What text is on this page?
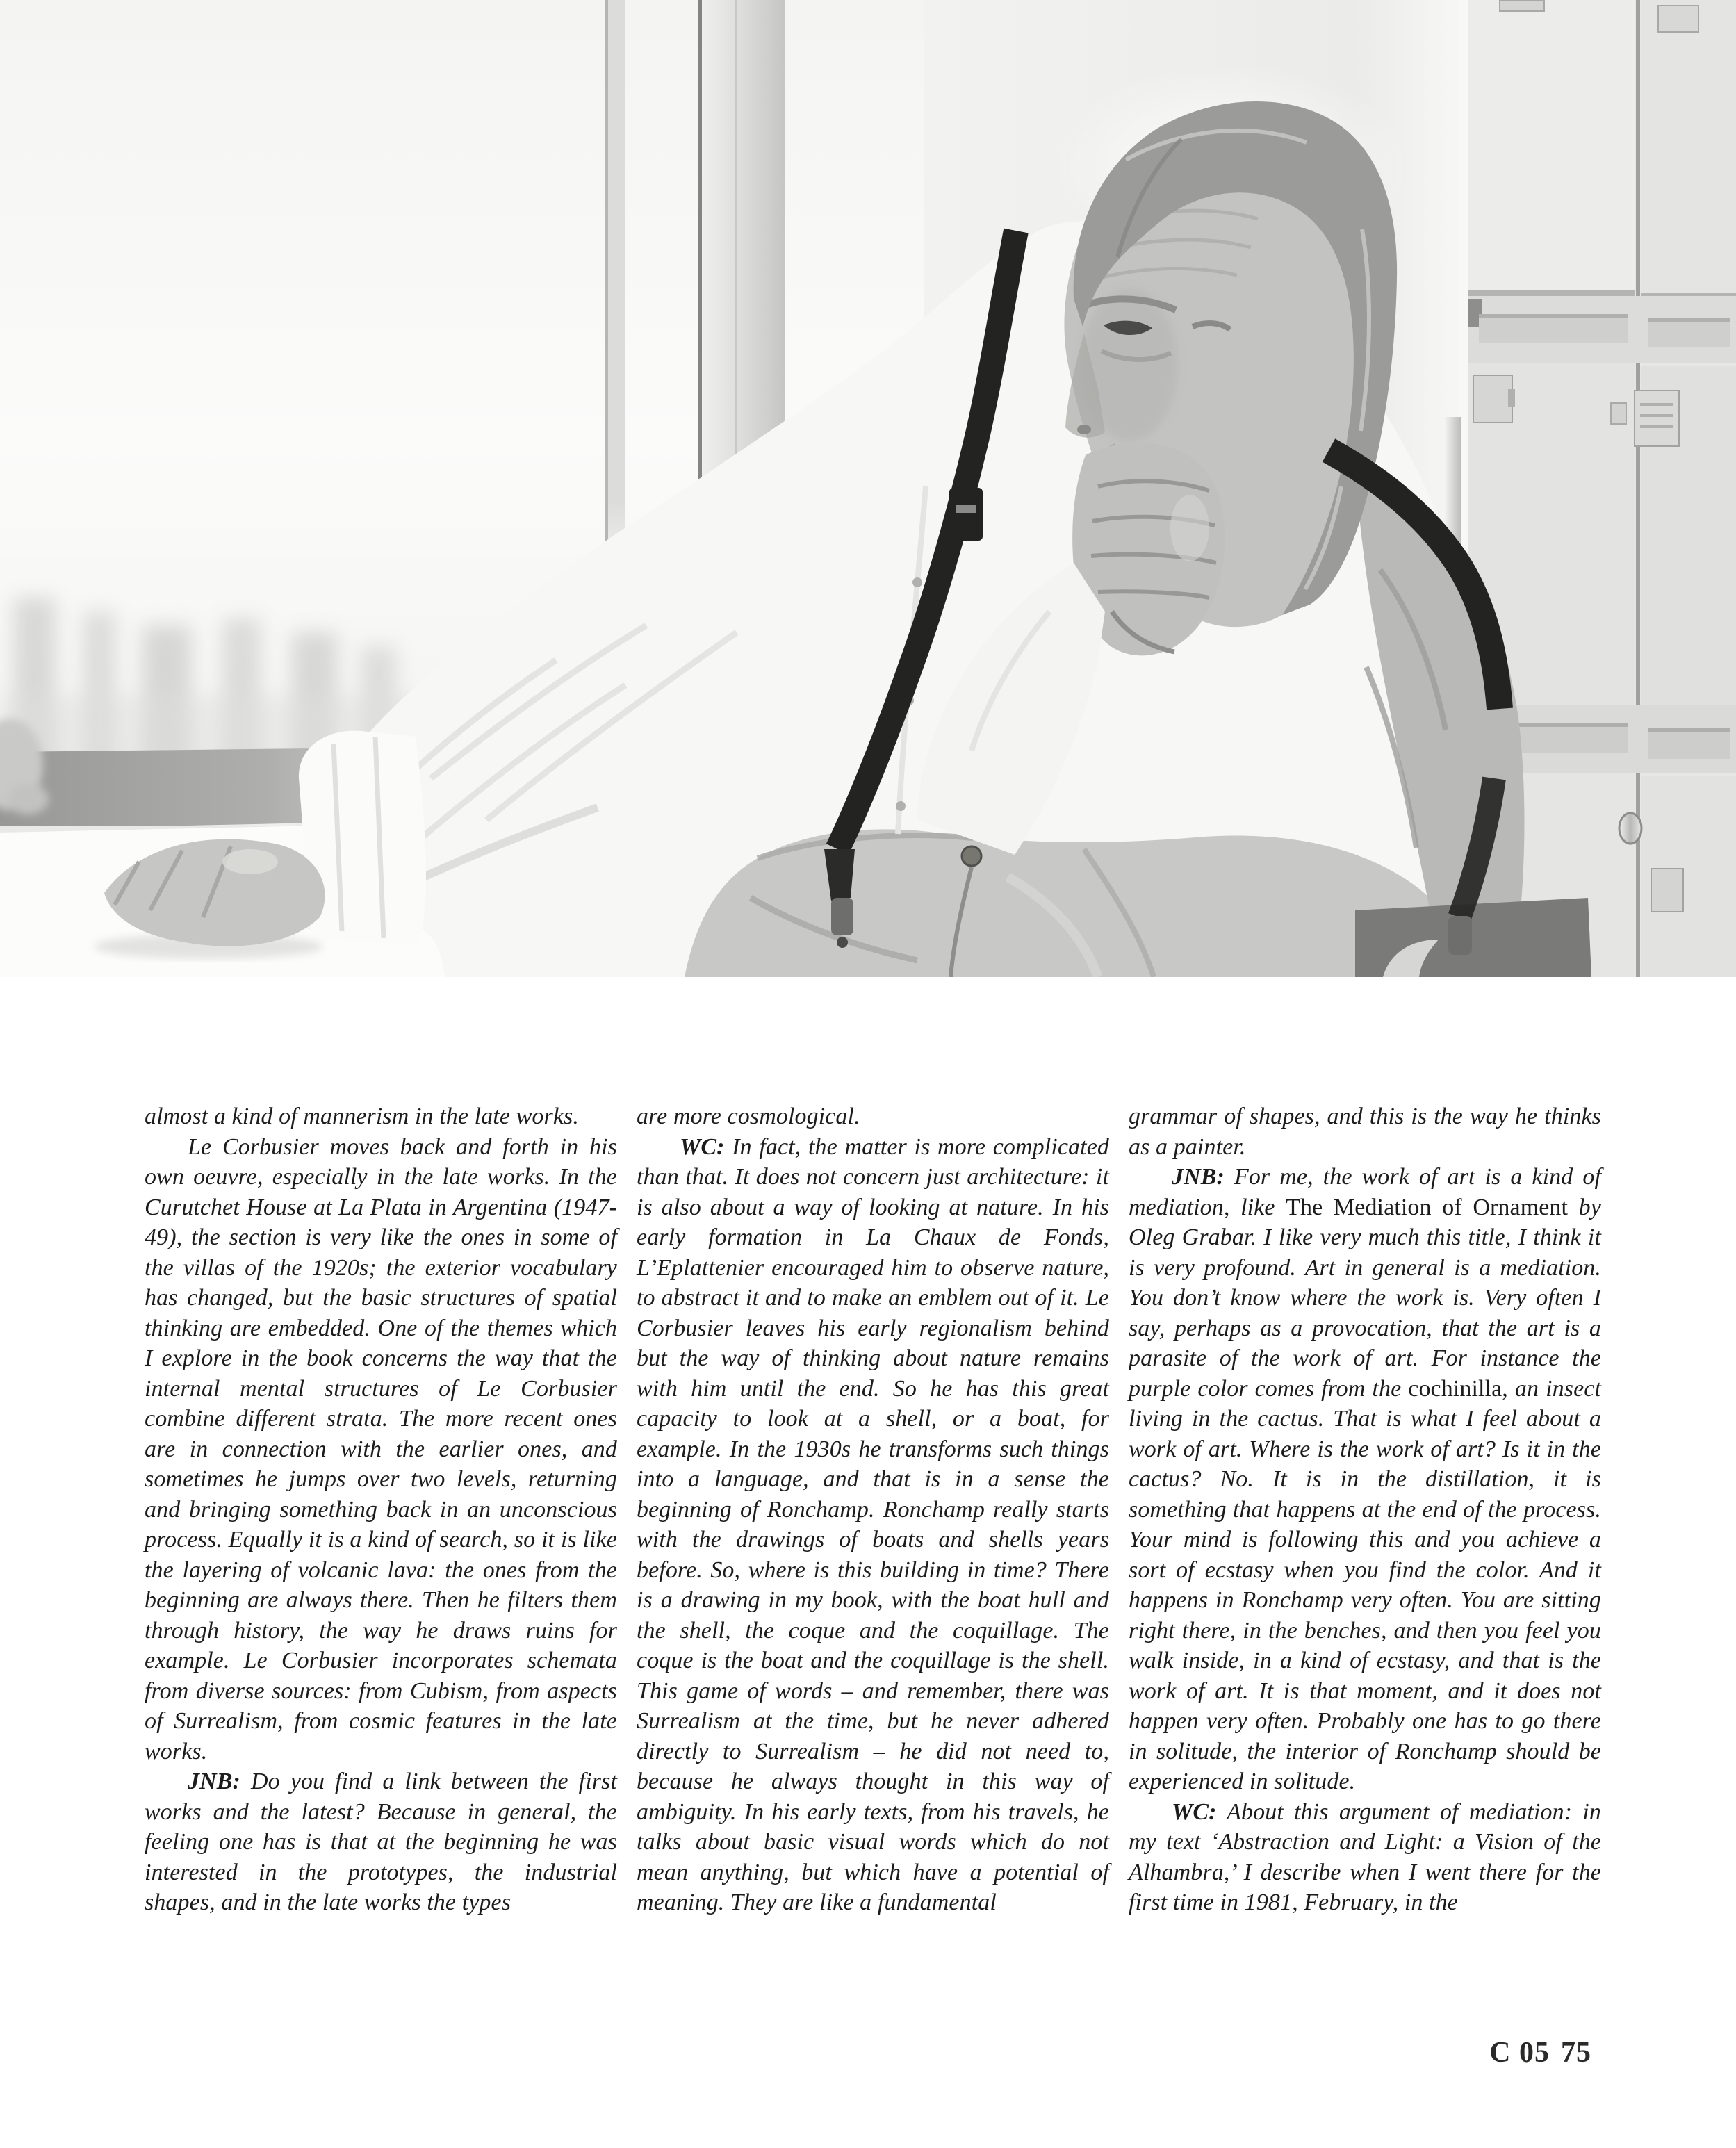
almost a kind of mannerism in the late works.

Le Corbusier moves back and forth in his own oeuvre, especially in the late works. In the Curutchet House at La Plata in Argentina (1947-49), the section is very like the ones in some of the villas of the 1920s; the exterior vocabulary has changed, but the basic structures of spatial thinking are embedded. One of the themes which I explore in the book concerns the way that the internal mental structures of Le Corbusier combine different strata. The more recent ones are in connection with the earlier ones, and sometimes he jumps over two levels, returning and bringing something back in an unconscious process. Equally it is a kind of search, so it is like the layering of volcanic lava: the ones from the beginning are always there. Then he filters them through history, the way he draws ruins for example. Le Corbusier incorporates schemata from diverse sources: from Cubism, from aspects of Surrealism, from cosmic features in the late works.

JNB: Do you find a link between the first works and the latest? Because in general, the feeling one has is that at the beginning he was interested in the prototypes, the industrial shapes, and in the late works the types

are more cosmological.

WC: In fact, the matter is more complicated than that. It does not concern just architecture: it is also about a way of looking at nature. In his early formation in La Chaux de Fonds, L’Eplattenier encouraged him to observe nature, to abstract it and to make an emblem out of it. Le Corbusier leaves his early regionalism behind but the way of thinking about nature remains with him until the end. So he has this great capacity to look at a shell, or a boat, for example. In the 1930s he transforms such things into a language, and that is in a sense the beginning of Ronchamp. Ronchamp really starts with the drawings of boats and shells years before. So, where is this building in time? There is a drawing in my book, with the boat hull and the shell, the coque and the coquillage. The coque is the boat and the coquillage is the shell. This game of words – and remember, there was Surrealism at the time, but he never adhered directly to Surrealism – he did not need to, because he always thought in this way of ambiguity. In his early texts, from his travels, he talks about basic visual words which do not mean anything, but which have a potential of meaning. They are like a fundamental

grammar of shapes, and this is the way he thinks as a painter.

JNB: For me, the work of art is a kind of mediation, like The Mediation of Ornament by Oleg Grabar. I like very much this title, I think it is very profound. Art in general is a mediation. You don’t know where the work is. Very often I say, perhaps as a provocation, that the art is a parasite of the work of art. For instance the purple color comes from the cochinilla, an insect living in the cactus. That is what I feel about a work of art. Where is the work of art? Is it in the cactus? No. It is in the distillation, it is something that happens at the end of the process. Your mind is following this and you achieve a sort of ecstasy when you find the color. And it happens in Ronchamp very often. You are sitting right there, in the benches, and then you feel you walk inside, in a kind of ecstasy, and that is the work of art. It is that moment, and it does not happen very often. Probably one has to go there in solitude, the interior of Ronchamp should be experienced in solitude.

WC: About this argument of mediation: in my text ‘Abstraction and Light: a Vision of the Alhambra,’ I describe when I went there for the first time in 1981, February, in the

C 05 75
